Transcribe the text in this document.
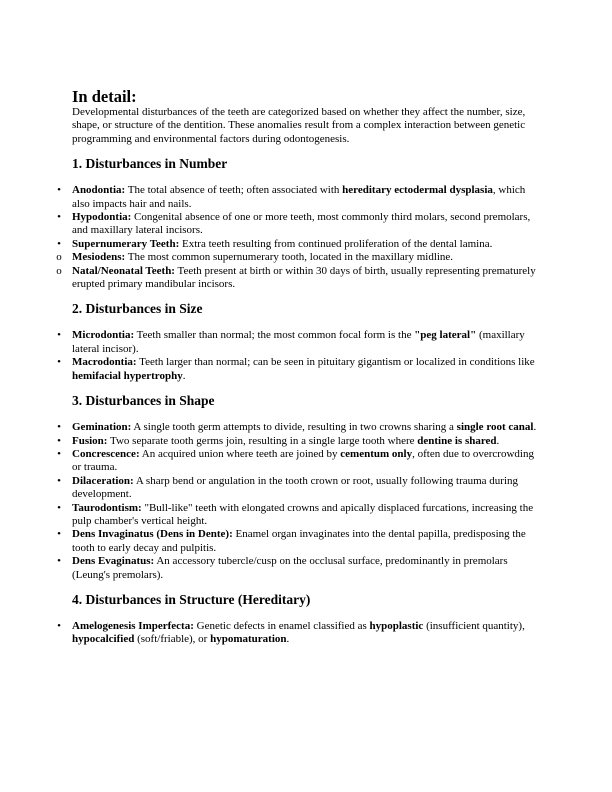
In detail:

Developmental disturbances of the teeth are categorized based on whether they affect the number, size, shape, or structure of the dentition. These anomalies result from a complex interaction between genetic programming and environmental factors during odontogenesis.

1. Disturbances in Number
• Anodontia: The total absence of teeth; often associated with hereditary ectodermal dysplasia, which also impacts hair and nails.
• Hypodontia: Congenital absence of one or more teeth, most commonly third molars, second premolars, and maxillary lateral incisors.
• Supernumerary Teeth: Extra teeth resulting from continued proliferation of the dental lamina.
o Mesiodens: The most common supernumerary tooth, located in the maxillary midline.
o Natal/Neonatal Teeth: Teeth present at birth or within 30 days of birth, usually representing prematurely erupted primary mandibular incisors.
2. Disturbances in Size
• Microdontia: Teeth smaller than normal; the most common focal form is the "peg lateral" (maxillary lateral incisor).
• Macrodontia: Teeth larger than normal; can be seen in pituitary gigantism or localized in conditions like hemifacial hypertrophy.
3. Disturbances in Shape
• Gemination: A single tooth germ attempts to divide, resulting in two crowns sharing a single root canal.
• Fusion: Two separate tooth germs join, resulting in a single large tooth where dentine is shared.
• Concrescence: An acquired union where teeth are joined by cementum only, often due to overcrowding or trauma.
• Dilaceration: A sharp bend or angulation in the tooth crown or root, usually following trauma during development.
• Taurodontism: "Bull-like" teeth with elongated crowns and apically displaced furcations, increasing the pulp chamber's vertical height.
• Dens Invaginatus (Dens in Dente): Enamel organ invaginates into the dental papilla, predisposing the tooth to early decay and pulpitis.
• Dens Evaginatus: An accessory tubercle/cusp on the occlusal surface, predominantly in premolars (Leung's premolars).
4. Disturbances in Structure (Hereditary)
• Amelogenesis Imperfecta: Genetic defects in enamel classified as hypoplastic (insufficient quantity), hypocalcified (soft/friable), or hypomaturation.
